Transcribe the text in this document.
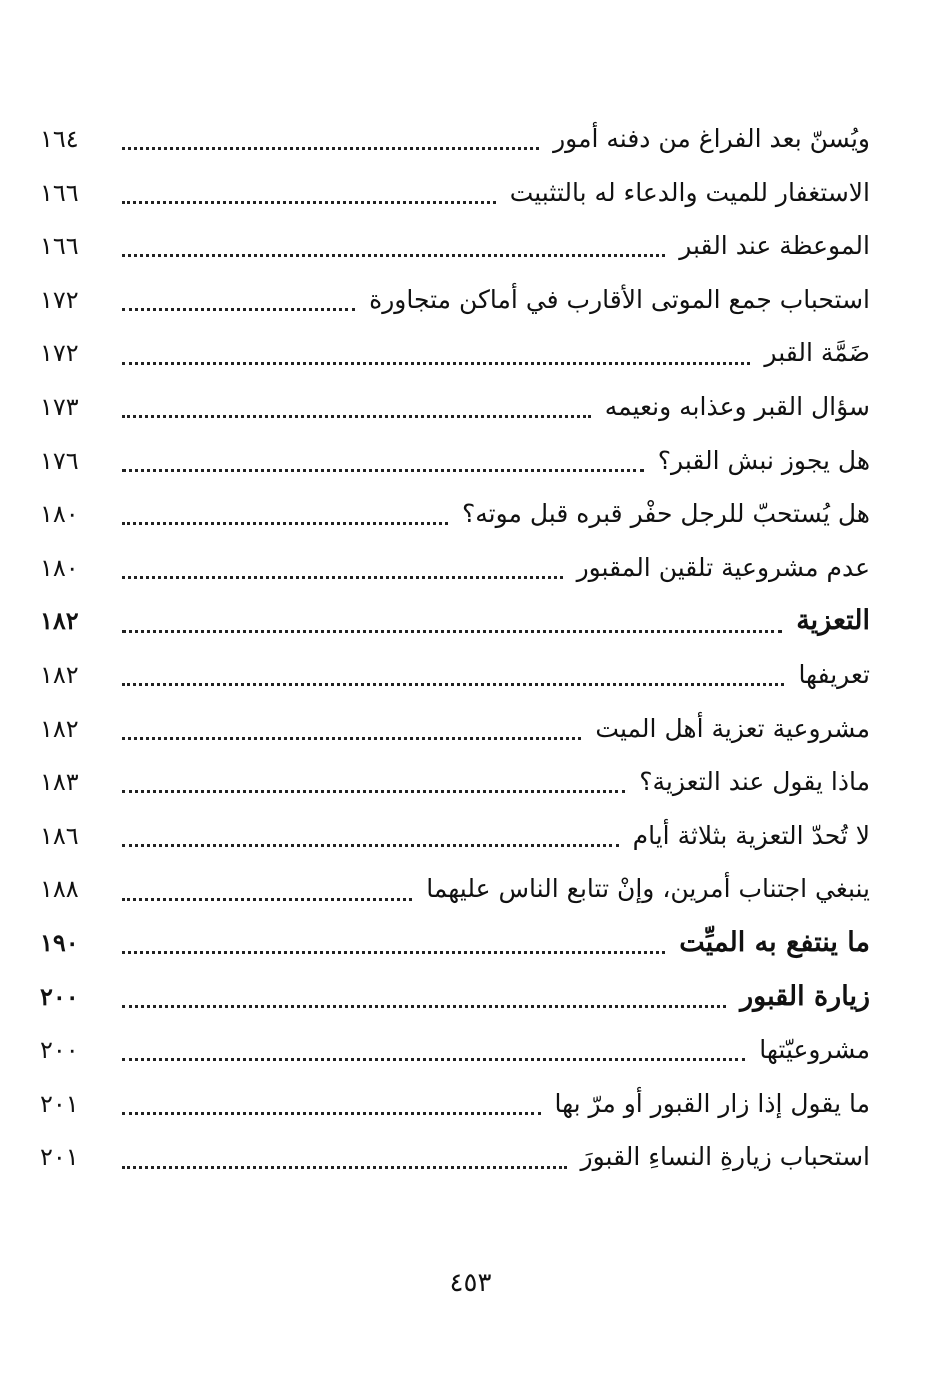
ويُسنّ بعد الفراغ من دفنه أمور
١٦٤
الاستغفار للميت والدعاء له بالتثبيت
١٦٦
الموعظة عند القبر
١٦٦
استحباب جمع الموتى الأقارب في أماكن متجاورة
١٧٢
ضَمَّة القبر
١٧٢
سؤال القبر وعذابه ونعيمه
١٧٣
هل يجوز نبش القبر؟
١٧٦
هل يُستحبّ للرجل حفْر قبره قبل موته؟
١٨٠
عدم مشروعية تلقين المقبور
١٨٠
التعزية
١٨٢
تعريفها
١٨٢
مشروعية تعزية أهل الميت
١٨٢
ماذا يقول عند التعزية؟
١٨٣
لا تُحدّ التعزية بثلاثة أيام
١٨٦
ينبغي اجتناب أمرين، وإنْ تتابع الناس عليهما
١٨٨
ما ينتفع به الميِّت
١٩٠
زيارة القبور
٢٠٠
مشروعيّتها
٢٠٠
ما يقول إذا زار القبور أو مرّ بها
٢٠١
استحباب زيارةِ النساءِ القبورَ
٢٠١
٤٥٣
